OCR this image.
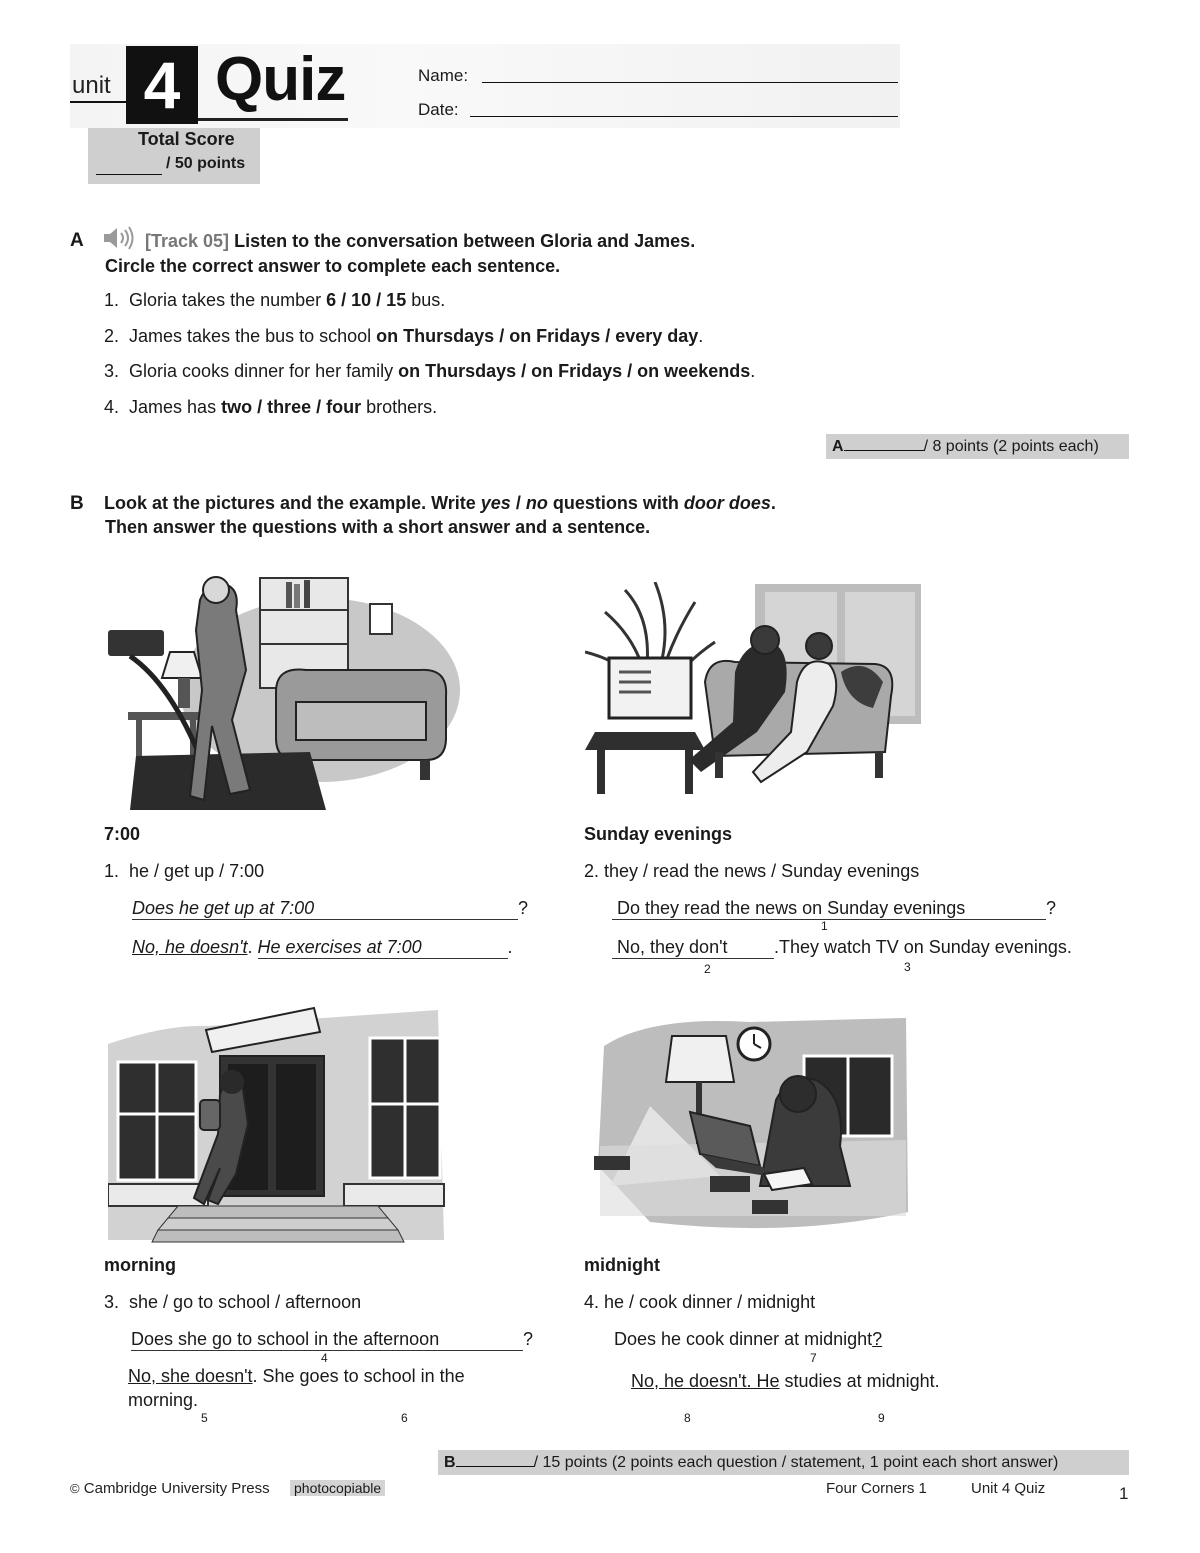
unit 4 Quiz	Name:
Date:
Total Score
/ 50 points
A	[Track 05] Listen to the conversation between Gloria and James.
Circle the correct answer to complete each sentence.
1. Gloria takes the number 6 / 10 / 15 bus.
2. James takes the bus to school on Thursdays / on Fridays / every day.
3. Gloria cooks dinner for her family on Thursdays / on Fridays / on weekends.
4. James has two / three / four brothers.
A	/ 8 points (2 points each)
B Look at the pictures and the example. Write yes / no questions with door does.
Then answer the questions with a short answer and a sentence.
7:00
1. he / get up / 7:00
Does he get up at 7:00	?
No, he doesn't. He exercises at 7:00	.
Sunday evenings
2. they / read the news / Sunday evenings
Do they read the news on Sunday evenings	?
1
No, they don't	.They watch TV on Sunday evenings.
2	3
morning
3. she / go to school / afternoon
Does she go to school in the afternoon	?
4
No, she doesn't. She goes to school in the
morning.
5	6
midnight
4. he / cook dinner / midnight
Does he cook dinner at midnight?
7
No, he doesn't. He studies at midnight.
8	9
B	/ 15 points (2 points each question / statement, 1 point each short answer)
© Cambridge University Press photocopiable	Four Corners 1	Unit 4 Quiz	1
